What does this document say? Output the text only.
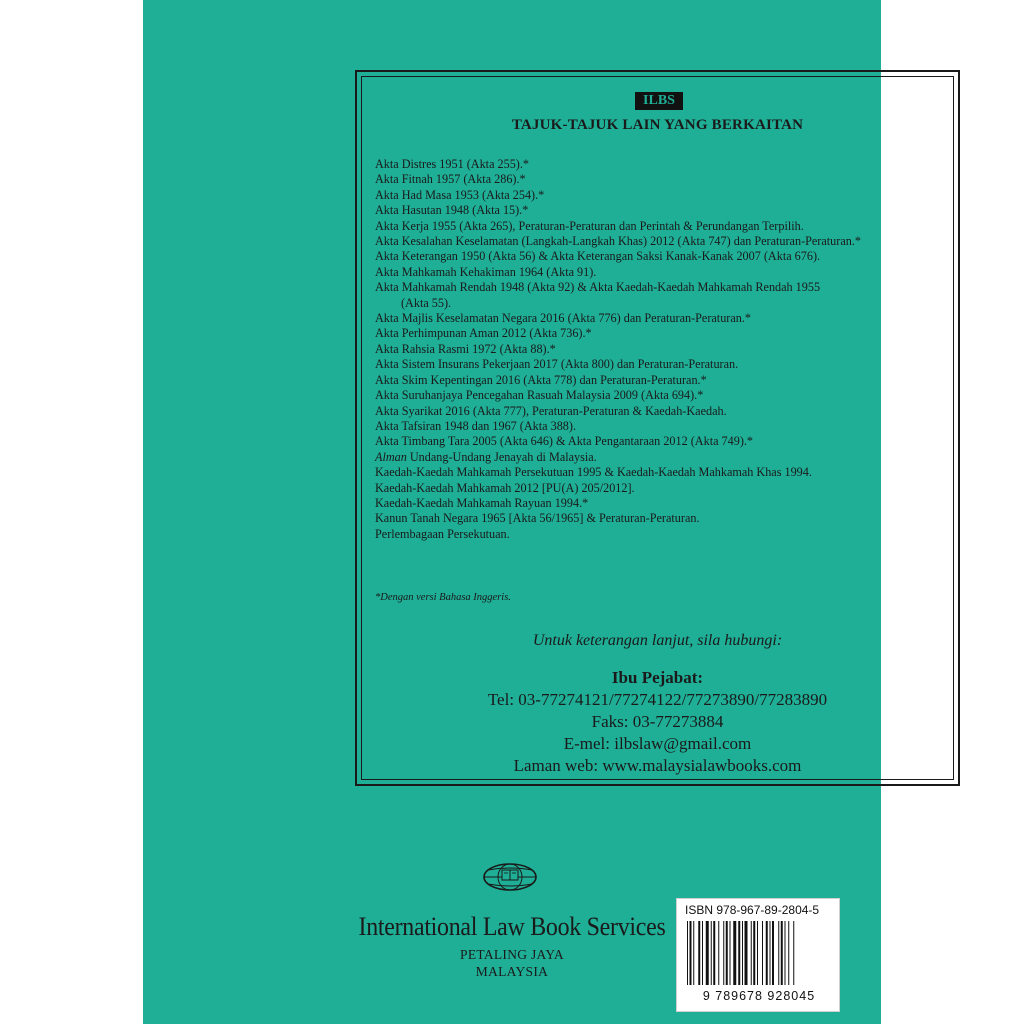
ILBS
TAJUK-TAJUK LAIN YANG BERKAITAN
Akta Distres 1951 (Akta 255).*
Akta Fitnah 1957 (Akta 286).*
Akta Had Masa 1953 (Akta 254).*
Akta Hasutan 1948 (Akta 15).*
Akta Kerja 1955 (Akta 265), Peraturan-Peraturan dan Perintah & Perundangan Terpilih.
Akta Kesalahan Keselamatan (Langkah-Langkah Khas) 2012 (Akta 747) dan Peraturan-Peraturan.*
Akta Keterangan 1950 (Akta 56) & Akta Keterangan Saksi Kanak-Kanak 2007 (Akta 676).
Akta Mahkamah Kehakiman 1964 (Akta 91).
Akta Mahkamah Rendah 1948 (Akta 92) & Akta Kaedah-Kaedah Mahkamah Rendah 1955
(Akta 55).
Akta Majlis Keselamatan Negara 2016 (Akta 776) dan Peraturan-Peraturan.*
Akta Perhimpunan Aman 2012 (Akta 736).*
Akta Rahsia Rasmi 1972 (Akta 88).*
Akta Sistem Insurans Pekerjaan 2017 (Akta 800) dan Peraturan-Peraturan.
Akta Skim Kepentingan 2016 (Akta 778) dan Peraturan-Peraturan.*
Akta Suruhanjaya Pencegahan Rasuah Malaysia 2009 (Akta 694).*
Akta Syarikat 2016 (Akta 777), Peraturan-Peraturan & Kaedah-Kaedah.
Akta Tafsiran 1948 dan 1967 (Akta 388).
Akta Timbang Tara 2005 (Akta 646) & Akta Pengantaraan 2012 (Akta 749).*
Alman Undang-Undang Jenayah di Malaysia.
Kaedah-Kaedah Mahkamah Persekutuan 1995 & Kaedah-Kaedah Mahkamah Khas 1994.
Kaedah-Kaedah Mahkamah 2012 [PU(A) 205/2012].
Kaedah-Kaedah Mahkamah Rayuan 1994.*
Kanun Tanah Negara 1965 [Akta 56/1965] & Peraturan-Peraturan.
Perlembagaan Persekutuan.
*Dengan versi Bahasa Inggeris.
Untuk keterangan lanjut, sila hubungi:
Ibu Pejabat:
Tel: 03-77274121/77274122/77273890/77283890
Faks: 03-77273884
E-mel: ilbslaw@gmail.com
Laman web: www.malaysialawbooks.com
International Law Book Services
PETALING JAYA
MALAYSIA
ISBN 978-967-89-2804-5
9 789678 928045
